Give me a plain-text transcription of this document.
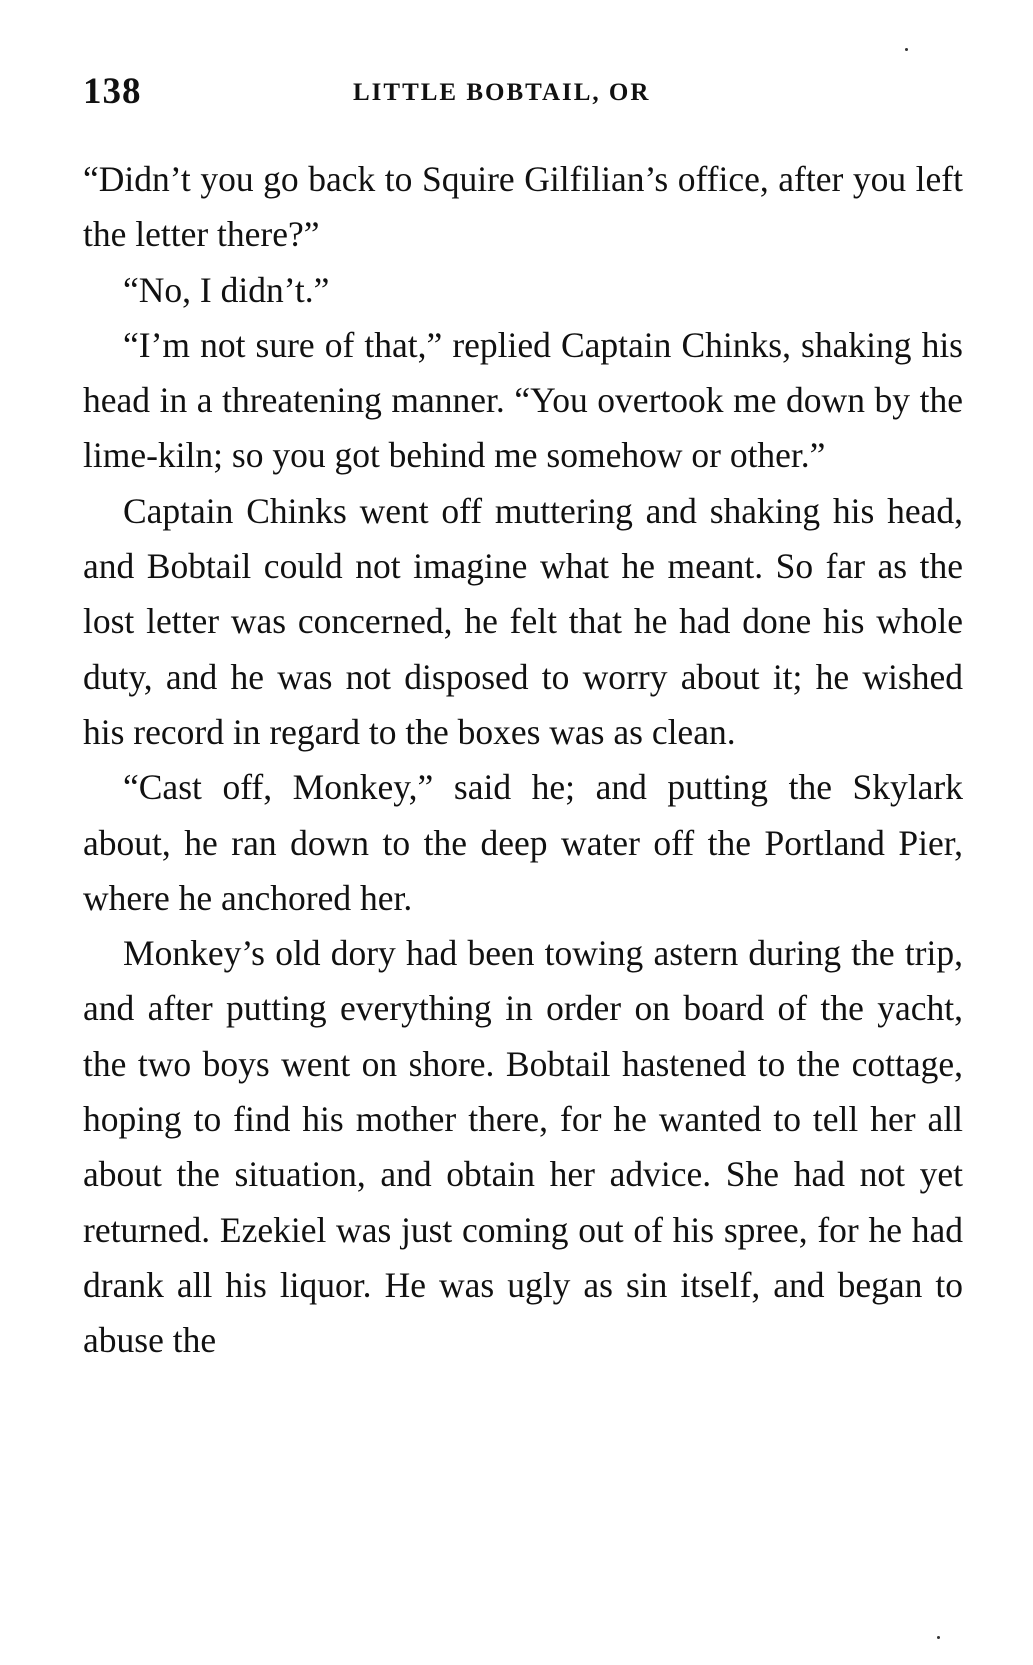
138	LITTLE BOBTAIL, OR

“Didn’t you go back to Squire Gilfilian’s office, after you left the letter there?”

“No, I didn’t.”

“I’m not sure of that,” replied Captain Chinks, shaking his head in a threatening manner. “You overtook me down by the lime-kiln; so you got behind me somehow or other.”

Captain Chinks went off muttering and shaking his head, and Bobtail could not imagine what he meant. So far as the lost letter was concerned, he felt that he had done his whole duty, and he was not disposed to worry about it; he wished his record in regard to the boxes was as clean.

“Cast off, Monkey,” said he; and putting the Skylark about, he ran down to the deep water off the Portland Pier, where he anchored her.

Monkey’s old dory had been towing astern during the trip, and after putting everything in order on board of the yacht, the two boys went on shore. Bobtail hastened to the cottage, hoping to find his mother there, for he wanted to tell her all about the situation, and obtain her advice. She had not yet returned. Ezekiel was just coming out of his spree, for he had drank all his liquor. He was ugly as sin itself, and began to abuse the
